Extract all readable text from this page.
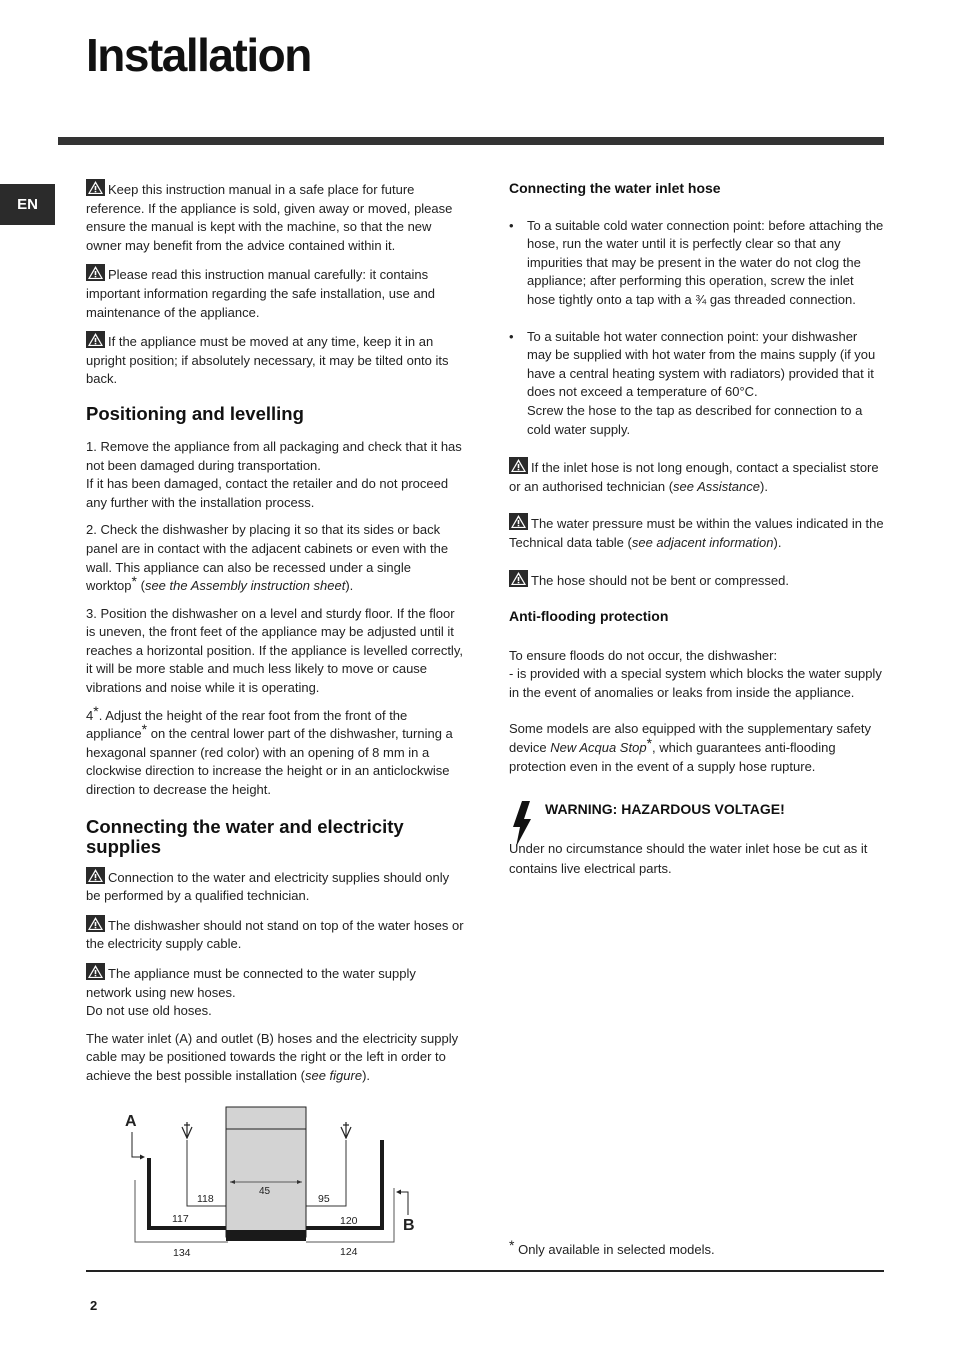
Installation
EN

Keep this instruction manual in a safe place for future reference. If the appliance is sold, given away or moved, please ensure the manual is kept with the machine, so that the new owner may benefit from the advice contained within it.

Please read this instruction manual carefully: it contains important information regarding the safe installation, use and maintenance of the appliance.

If the appliance must be moved at any time, keep it in an upright position; if absolutely necessary, it may be tilted onto its back.

Positioning and levelling

1. Remove the appliance from all packaging and check that it has not been damaged during transportation.

If it has been damaged, contact the retailer and do not proceed any further with the installation process.

2. Check the dishwasher by placing it so that its sides or back panel are in contact with the adjacent cabinets or even with the wall. This appliance can also be recessed under a single worktop* (see the Assembly instruction sheet).

3. Position the dishwasher on a level and sturdy floor. If the floor is uneven, the front feet of the appliance may be adjusted until it reaches a horizontal position. If the appliance is levelled correctly, it will be more stable and much less likely to move or cause vibrations and noise while it is operating.

4*. Adjust the height of the rear foot from the front of the appliance* on the central lower part of the dishwasher, turning a hexagonal spanner (red color) with an opening of 8 mm in a clockwise direction to increase the height or in an anticlockwise direction to decrease the height.

Connecting the water and electricity supplies

Connection to the water and electricity supplies should only be performed by a qualified technician.

The dishwasher should not stand on top of the water hoses or the electricity supply cable.

The appliance must be connected to the water supply network using new hoses.

Do not use old hoses.

The water inlet (A) and outlet (B) hoses and the electricity supply cable may be positioned towards the right or the left in order to achieve the best possible installation (see figure).

A
B
118
45
95
117	120
134	124
Connecting the water inlet hose

• To a suitable cold water connection point: before attaching the hose, run the water until it is perfectly clear so that any impurities that may be present in the water do not clog the appliance; after performing this operation, screw the inlet hose tightly onto a tap with a ¾ gas threaded connection.

• To a suitable hot water connection point: your dishwasher may be supplied with hot water from the mains supply (if you have a central heating system with radiators) provided that it does not exceed a temperature of 60°C.

Screw the hose to the tap as described for connection to a cold water supply.

If the inlet hose is not long enough, contact a specialist store or an authorised technician (see Assistance).

The water pressure must be within the values indicated in the Technical data table (see adjacent information).

The hose should not be bent or compressed.

Anti-flooding protection

To ensure floods do not occur, the dishwasher:

- is provided with a special system which blocks the water supply in the event of anomalies or leaks from inside the appliance.

Some models are also equipped with the supplementary safety device New Acqua Stop*, which guarantees anti-flooding protection even in the event of a supply hose rupture.

WARNING: HAZARDOUS VOLTAGE!

Under no circumstance should the water inlet hose be cut as it contains live electrical parts.

* Only available in selected models.
2
